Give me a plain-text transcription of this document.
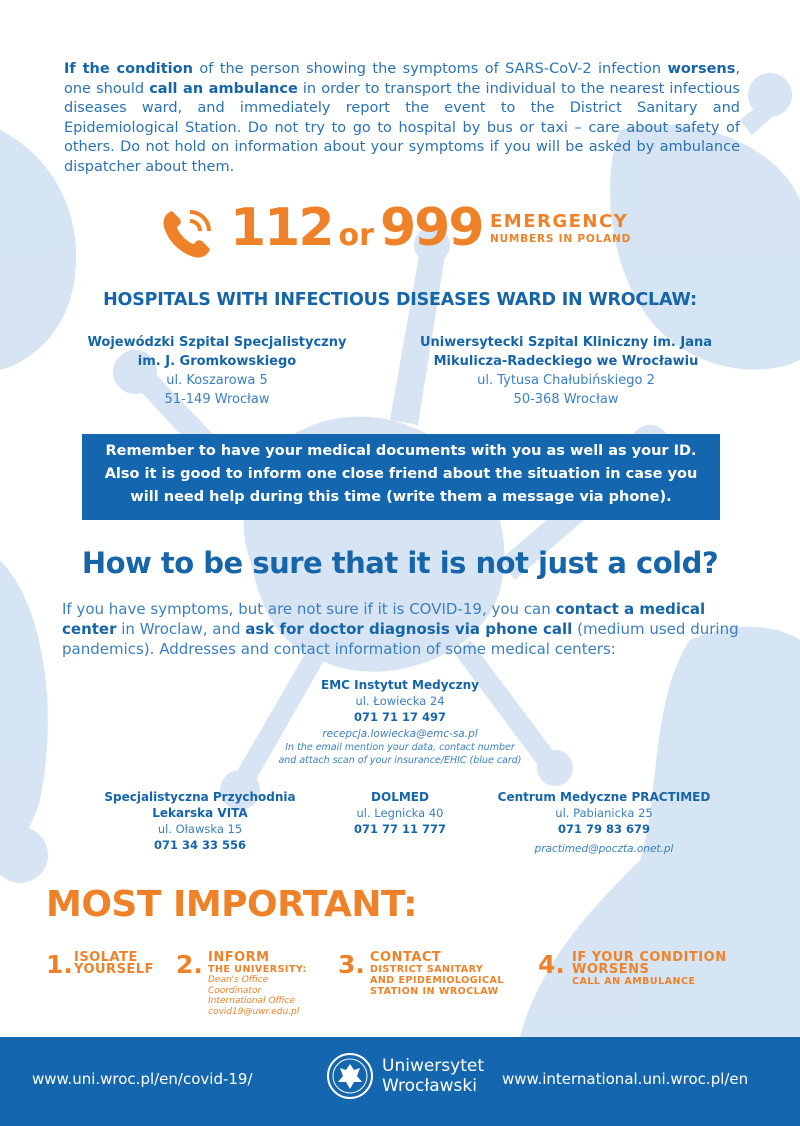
If the condition of the person showing the symptoms of SARS-CoV-2 infection worsens, one should call an ambulance in order to transport the individual to the nearest infectious diseases ward, and immediately report the event to the District Sanitary and Epidemiological Station. Do not try to go to hospital by bus or taxi – care about safety of others. Do not hold on information about your symptoms if you will be asked by ambulance dispatcher about them.
112 or 999 EMERGENCY
NUMBERS IN POLAND
HOSPITALS WITH INFECTIOUS DISEASES WARD IN WROCLAW:
Wojewódzki Szpital Specjalistyczny
im. J. Gromkowskiego
ul. Koszarowa 5
51-149 Wrocław
Uniwersytecki Szpital Kliniczny im. Jana
Mikulicza-Radeckiego we Wrocławiu
ul. Tytusa Chałubińskiego 2
50-368 Wrocław
Remember to have your medical documents with you as well as your ID.
Also it is good to inform one close friend about the situation in case you
will need help during this time (write them a message via phone).
How to be sure that it is not just a cold?
If you have symptoms, but are not sure if it is COVID-19, you can contact a medical center in Wroclaw, and ask for doctor diagnosis via phone call (medium used during pandemics). Addresses and contact information of some medical centers:
EMC Instytut Medyczny
ul. Łowiecka 24
071 71 17 497
recepcja.lowiecka@emc-sa.pl
In the email mention your data, contact number
and attach scan of your insurance/EHIC (blue card)
Specjalistyczna Przychodnia
Lekarska VITA
ul. Oławska 15
071 34 33 556
DOLMED
ul. Legnicka 40
071 77 11 777
Centrum Medyczne PRACTIMED
ul. Pabianicka 25
071 79 83 679
practimed@poczta.onet.pl
MOST IMPORTANT:
1. ISOLATE
YOURSELF 2. INFORM
THE UNIVERSITY:
Dean's Office
Coordinator
International Office
covid19@uwr.edu.pl
3. CONTACT
DISTRICT SANITARY
AND EPIDEMIOLOGICAL
STATION IN WROCLAW
4. IF YOUR CONDITION
WORSENS
CALL AN AMBULANCE
www.uni.wroc.pl/en/covid-19/
Uniwersytet
Wrocławski	www.international.uni.wroc.pl/en
